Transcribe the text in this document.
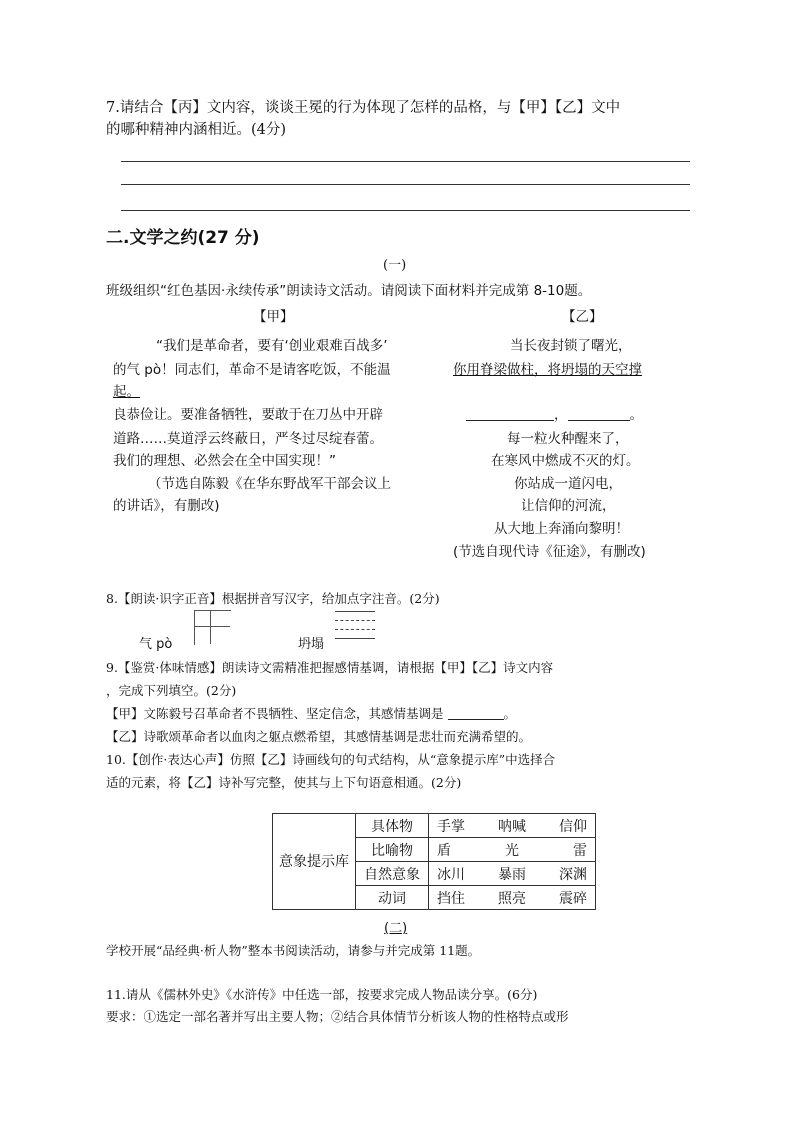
7.请结合【丙】文内容，谈谈王冕的行为体现了怎样的品格，与【甲】【乙】文中
的哪种精神内涵相近。(4分)
二.文学之约(27 分)
(一)
班级组织“红色基因·永续传承”朗读诗文活动。请阅读下面材料并完成第 8-10题。
【甲】	【乙】
“我们是革命者，要有‘创业艰难百战多’
的气 pò！同志们，革命不是请客吃饭，不能温
起。
良恭俭让。要准备牺牲，要敢于在刀丛中开辟
道路……莫道浮云终蔽日，严冬过尽绽春蕾。
我们的理想、必然会在全中国实现！”
（节选自陈毅《在华东野战军干部会议上
的讲话》，有删改)
当长夜封锁了曙光，
你用脊梁做柱，将坍塌的天空撑
，	。
每一粒火种醒来了，
在寒风中燃成不灭的灯。
你站成一道闪电，
让信仰的河流，
从大地上奔涌向黎明！
(节选自现代诗《征途》，有删改)
8.【朗读·识字正音】根据拼音写汉字，给加点字注音。(2分)
气 pò	坍塌
9.【鉴赏·体味情感】朗读诗文需精准把握感情基调，请根据【甲】【乙】诗文内容
，完成下列填空。(2分)
【甲】文陈毅号召革命者不畏牺牲、坚定信念，其感情基调是	。
【乙】诗歌颂革命者以血肉之躯点燃希望，其感情基调是悲壮而充满希望的。
10.【创作·表达心声】仿照【乙】诗画线句的句式结构，从“意象提示库”中选择合
适的元素，将【乙】诗补写完整，使其与上下句语意相通。(2分)
意象提示库	具体物	手掌 呐喊 信仰

	比喻物	盾 光 雷

	自然意象	冰川 暴雨 深渊

	动词	挡住 照亮 震碎
(二)
学校开展“品经典·析人物”整本书阅读活动，请参与并完成第 11题。
11.请从《儒林外史》《水浒传》中任选一部，按要求完成人物品读分享。(6分)
要求：①选定一部名著并写出主要人物；②结合具体情节分析该人物的性格特点或形
